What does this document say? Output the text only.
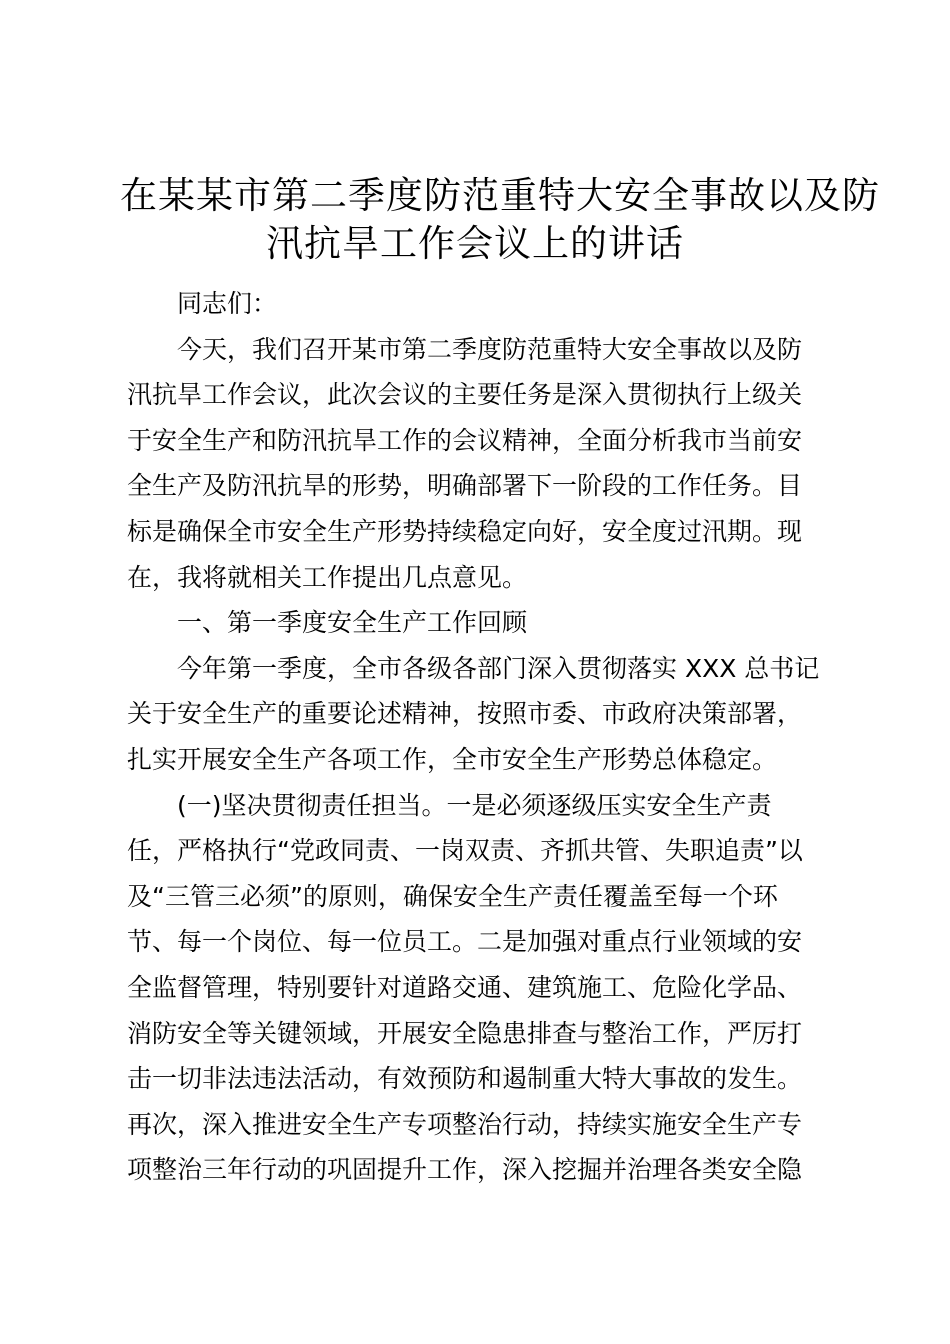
在某某市第二季度防范重特大安全事故以及防
汛抗旱工作会议上的讲话

同志们：

今天，我们召开某市第二季度防范重特大安全事故以及防
汛抗旱工作会议，此次会议的主要任务是深入贯彻执行上级关
于安全生产和防汛抗旱工作的会议精神，全面分析我市当前安
全生产及防汛抗旱的形势，明确部署下一阶段的工作任务。目
标是确保全市安全生产形势持续稳定向好，安全度过汛期。现
在，我将就相关工作提出几点意见。

一、第一季度安全生产工作回顾

今年第一季度，全市各级各部门深入贯彻落实 XXX 总书记
关于安全生产的重要论述精神，按照市委、市政府决策部署，
扎实开展安全生产各项工作，全市安全生产形势总体稳定。

(一)坚决贯彻责任担当。一是必须逐级压实安全生产责
任，严格执行“党政同责、一岗双责、齐抓共管、失职追责”以
及“三管三必须”的原则，确保安全生产责任覆盖至每一个环
节、每一个岗位、每一位员工。二是加强对重点行业领域的安
全监督管理，特别要针对道路交通、建筑施工、危险化学品、
消防安全等关键领域，开展安全隐患排查与整治工作，严厉打
击一切非法违法活动，有效预防和遏制重大特大事故的发生。
再次，深入推进安全生产专项整治行动，持续实施安全生产专
项整治三年行动的巩固提升工作，深入挖掘并治理各类安全隐
